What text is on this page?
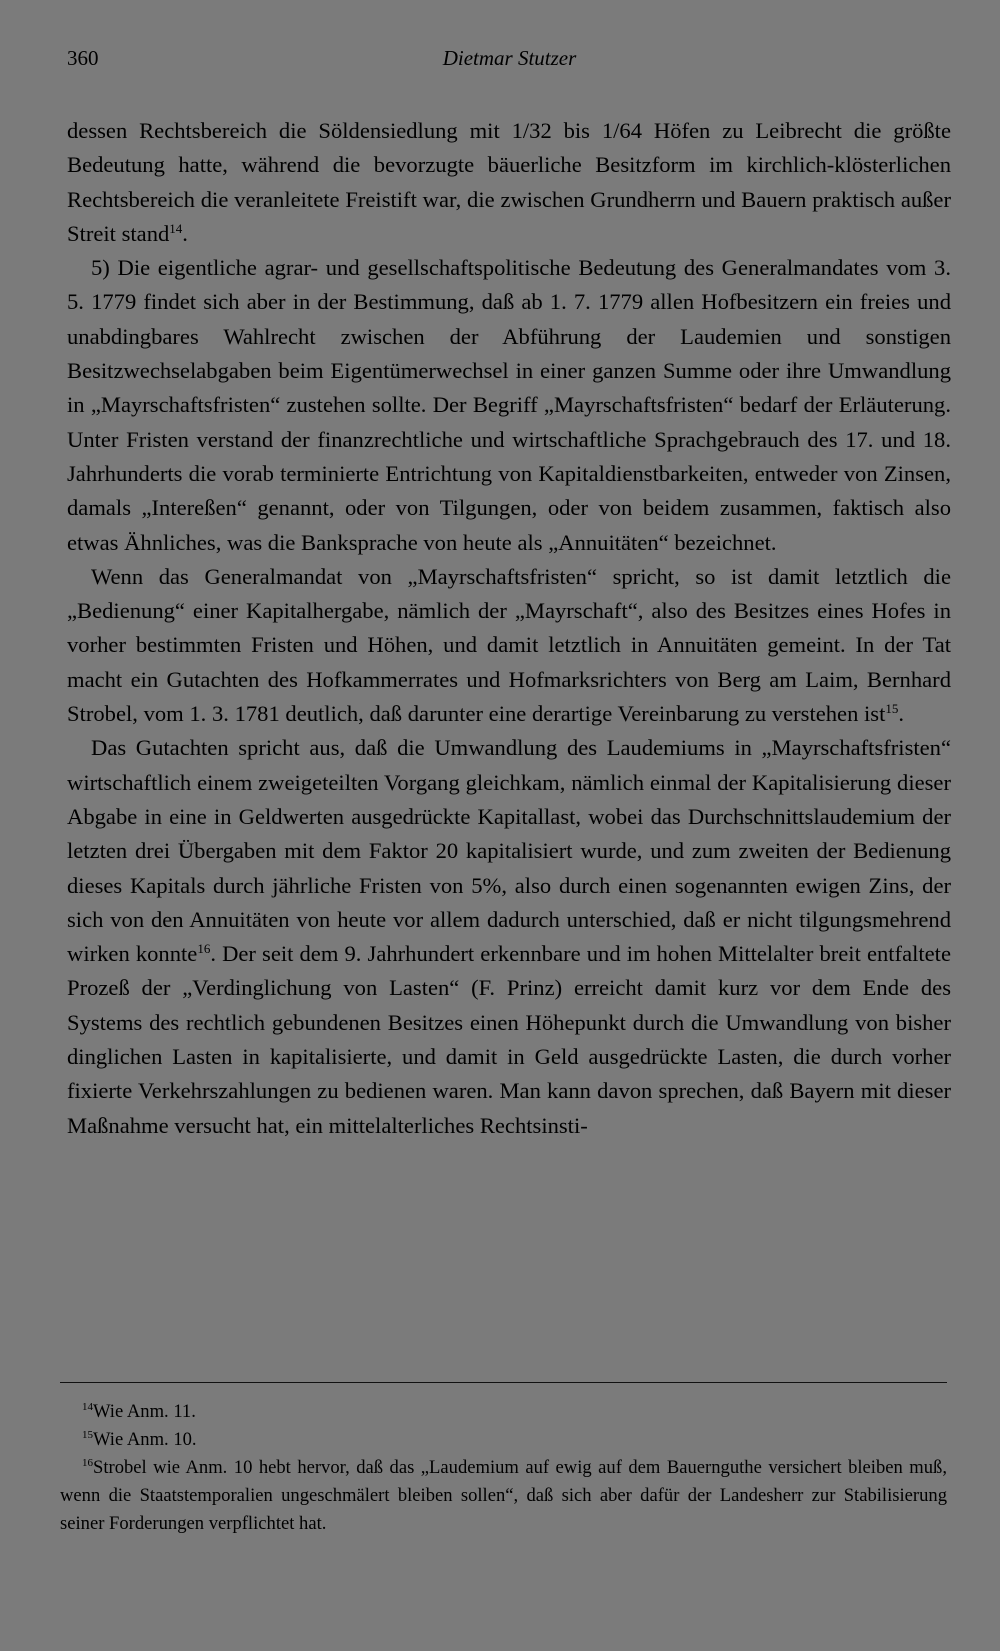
360	Dietmar Stutzer

dessen Rechtsbereich die Söldensiedlung mit 1/32 bis 1/64 Höfen zu Leibrecht die größte Bedeutung hatte, während die bevorzugte bäuerliche Besitzform im kirchlich-klösterlichen Rechtsbereich die veranleitete Freistift war, die zwischen Grundherrn und Bauern praktisch außer Streit stand$^{14}$.

5) Die eigentliche agrar- und gesellschaftspolitische Bedeutung des Generalmandates vom 3. 5. 1779 findet sich aber in der Bestimmung, daß ab 1. 7. 1779 allen Hofbesitzern ein freies und unabdingbares Wahlrecht zwischen der Abführung der Laudemien und sonstigen Besitzwechselabgaben beim Eigentümerwechsel in einer ganzen Summe oder ihre Umwandlung in „Mayrschaftsfristen“ zustehen sollte. Der Begriff „Mayrschaftsfristen“ bedarf der Erläuterung. Unter Fristen verstand der finanzrechtliche und wirtschaftliche Sprachgebrauch des 17. und 18. Jahrhunderts die vorab terminierte Entrichtung von Kapitaldienstbarkeiten, entweder von Zinsen, damals „Intereßen“ genannt, oder von Tilgungen, oder von beidem zusammen, faktisch also etwas Ähnliches, was die Banksprache von heute als „Annuitäten“ bezeichnet.

Wenn das Generalmandat von „Mayrschaftsfristen“ spricht, so ist damit letztlich die „Bedienung“ einer Kapitalhergabe, nämlich der „Mayrschaft“, also des Besitzes eines Hofes in vorher bestimmten Fristen und Höhen, und damit letztlich in Annuitäten gemeint. In der Tat macht ein Gutachten des Hofkammerrates und Hofmarksrichters von Berg am Laim, Bernhard Strobel, vom 1. 3. 1781 deutlich, daß darunter eine derartige Vereinbarung zu verstehen ist$^{15}$.

Das Gutachten spricht aus, daß die Umwandlung des Laudemiums in „Mayrschaftsfristen“ wirtschaftlich einem zweigeteilten Vorgang gleichkam, nämlich einmal der Kapitalisierung dieser Abgabe in eine in Geldwerten ausgedrückte Kapitallast, wobei das Durchschnittslaudemium der letzten drei Übergaben mit dem Faktor 20 kapitalisiert wurde, und zum zweiten der Bedienung dieses Kapitals durch jährliche Fristen von 5%, also durch einen sogenannten ewigen Zins, der sich von den Annuitäten von heute vor allem dadurch unterschied, daß er nicht tilgungsmehrend wirken konnte$^{16}$. Der seit dem 9. Jahrhundert erkennbare und im hohen Mittelalter breit entfaltete Prozeß der „Verdinglichung von Lasten“ (F. Prinz) erreicht damit kurz vor dem Ende des Systems des rechtlich gebundenen Besitzes einen Höhepunkt durch die Umwandlung von bisher dinglichen Lasten in kapitalisierte, und damit in Geld ausgedrückte Lasten, die durch vorher fixierte Verkehrszahlungen zu bedienen waren. Man kann davon sprechen, daß Bayern mit dieser Maßnahme versucht hat, ein mittelalterliches Rechtsinsti-

$^{14}$Wie Anm. 11.

$^{15}$Wie Anm. 10.

$^{16}$Strobel wie Anm. 10 hebt hervor, daß das „Laudemium auf ewig auf dem Bauernguthe versichert bleiben muß, wenn die Staatstemporalien ungeschmälert bleiben sollen“, daß sich aber dafür der Landesherr zur Stabilisierung seiner Forderungen verpflichtet hat.
